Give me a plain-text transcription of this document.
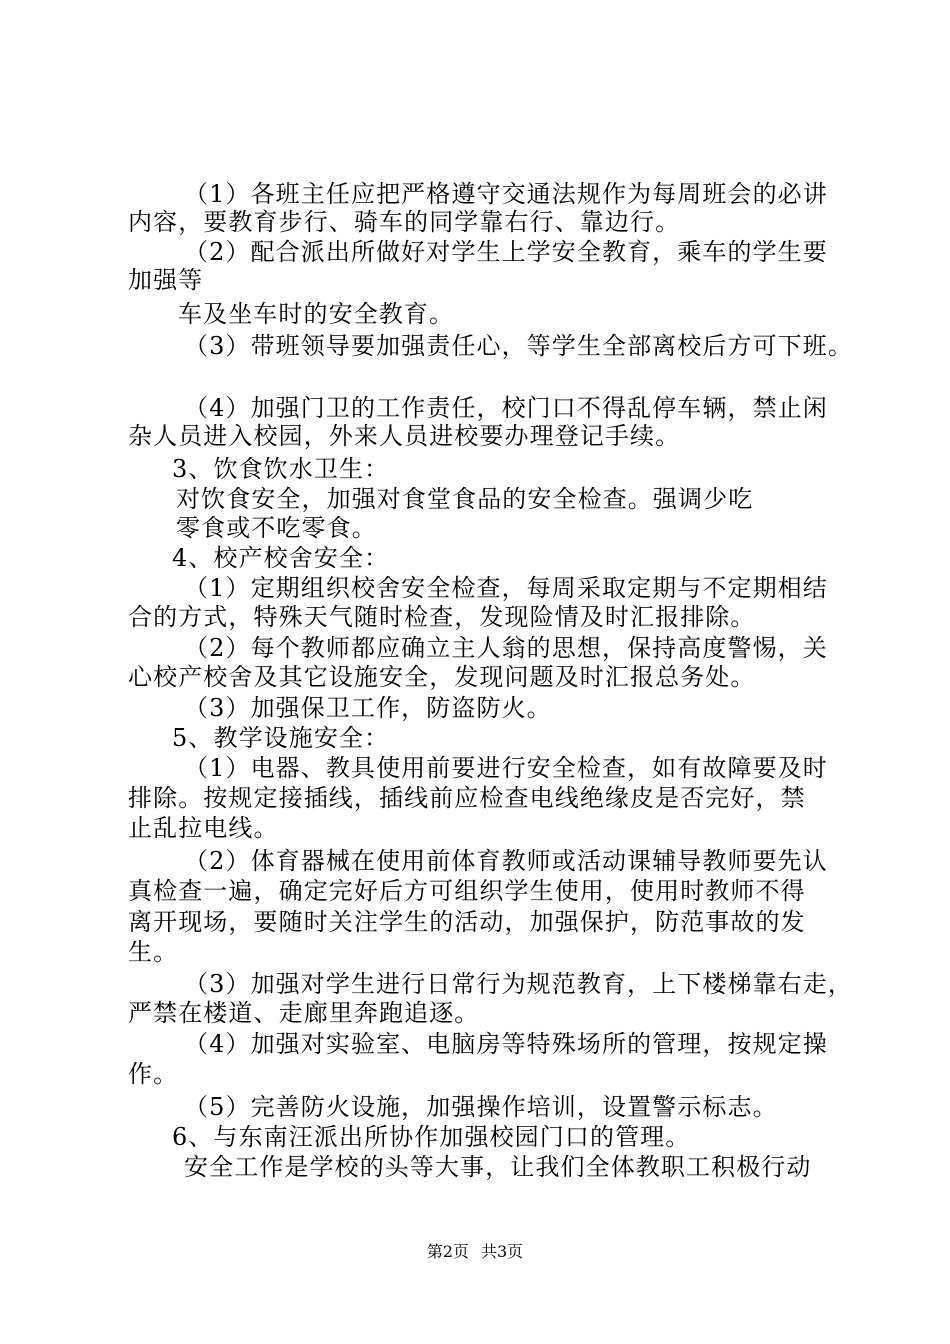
（1）各班主任应把严格遵守交通法规作为每周班会的必讲
内容，要教育步行、骑车的同学靠右行、靠边行。
（2）配合派出所做好对学生上学安全教育，乘车的学生要
加强等
车及坐车时的安全教育。
（3）带班领导要加强责任心，等学生全部离校后方可下班。
（4）加强门卫的工作责任，校门口不得乱停车辆，禁止闲
杂人员进入校园，外来人员进校要办理登记手续。
3、饮食饮水卫生：
对饮食安全，加强对食堂食品的安全检查。强调少吃
零食或不吃零食。
4、校产校舍安全：
（1）定期组织校舍安全检查，每周采取定期与不定期相结
合的方式，特殊天气随时检查，发现险情及时汇报排除。
（2）每个教师都应确立主人翁的思想，保持高度警惕，关
心校产校舍及其它设施安全，发现问题及时汇报总务处。
（3）加强保卫工作，防盗防火。
5、教学设施安全：
（1）电器、教具使用前要进行安全检查，如有故障要及时
排除。按规定接插线，插线前应检查电线绝缘皮是否完好，禁
止乱拉电线。
（2）体育器械在使用前体育教师或活动课辅导教师要先认
真检查一遍，确定完好后方可组织学生使用，使用时教师不得
离开现场，要随时关注学生的活动，加强保护，防范事故的发
生。
（3）加强对学生进行日常行为规范教育，上下楼梯靠右走，
严禁在楼道、走廊里奔跑追逐。
（4）加强对实验室、电脑房等特殊场所的管理，按规定操
作。
（5）完善防火设施，加强操作培训，设置警示标志。
6、与东南汪派出所协作加强校园门口的管理。
安全工作是学校的头等大事，让我们全体教职工积极行动
第2页 共3页
